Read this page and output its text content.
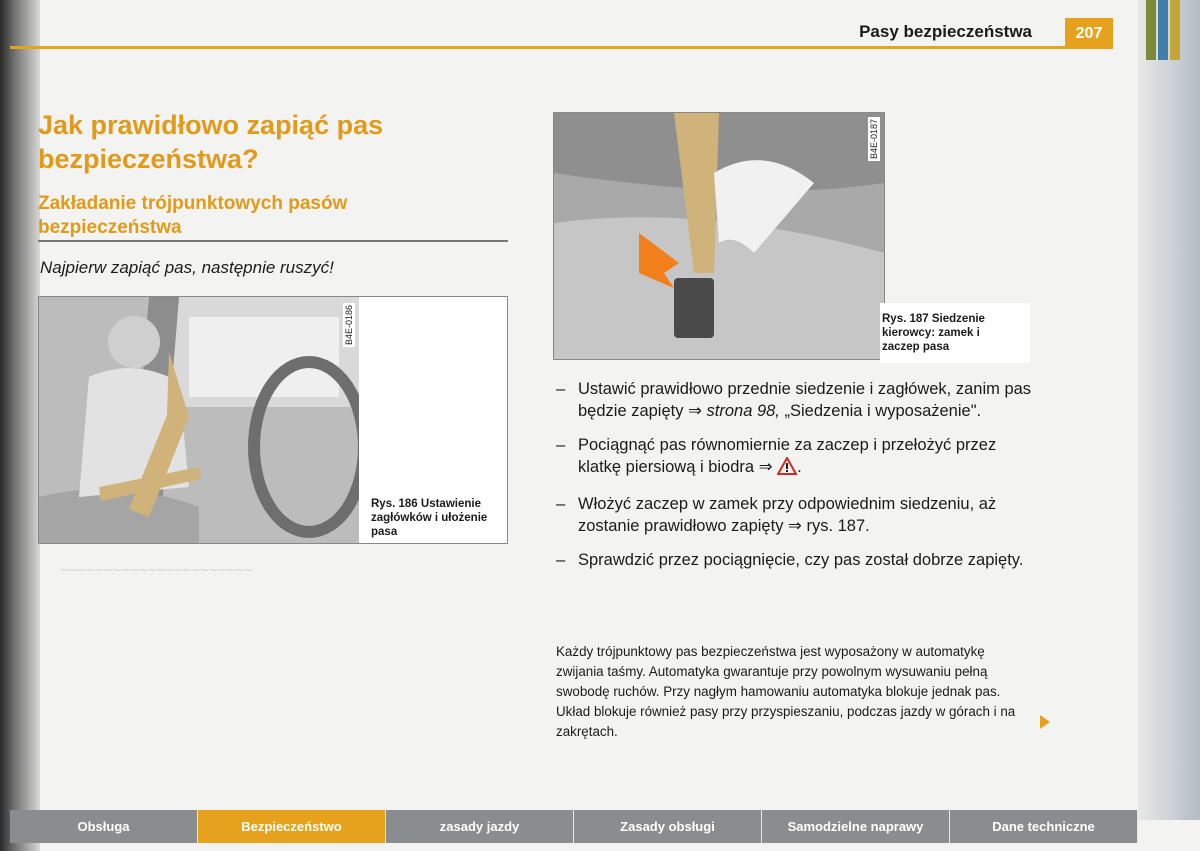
~~~~~~~~~~~~~~~~~~~~~~
Pasy bezpieczeństwa	207
Jak prawidłowo zapiąć pas bezpieczeństwa?
Zakładanie trójpunktowych pasów bezpieczeństwa
Najpierw zapiąć pas, następnie ruszyć!
B4E-0186
Rys. 186 Ustawienie zagłówków i ułożenie pasa
B4E-0187
Rys. 187 Siedzenie kierowcy: zamek i zaczep pasa
– Ustawić prawidłowo przednie siedzenie i zagłówek, zanim pas będzie zapięty ⇒ strona 98, „Siedzenia i wyposażenie".
– Pociągnąć pas równomiernie za zaczep i przełożyć przez klatkę piersiową i biodra ⇒ .
– Włożyć zaczep w zamek przy odpowiednim siedzeniu, aż zostanie prawidłowo zapięty ⇒ rys. 187.
– Sprawdzić przez pociągnięcie, czy pas został dobrze zapięty.
Każdy trójpunktowy pas bezpieczeństwa jest wyposażony w automatykę zwijania taśmy. Automatyka gwarantuje przy powolnym wysuwaniu pełną swobodę ruchów. Przy nagłym hamowaniu automatyka blokuje jednak pas. Układ blokuje również pasy przy przyspieszaniu, podczas jazdy w górach i na zakrętach.
Obsługa	Bezpieczeństwo	zasady jazdy	Zasady obsługi	Samodzielne naprawy	Dane techniczne
